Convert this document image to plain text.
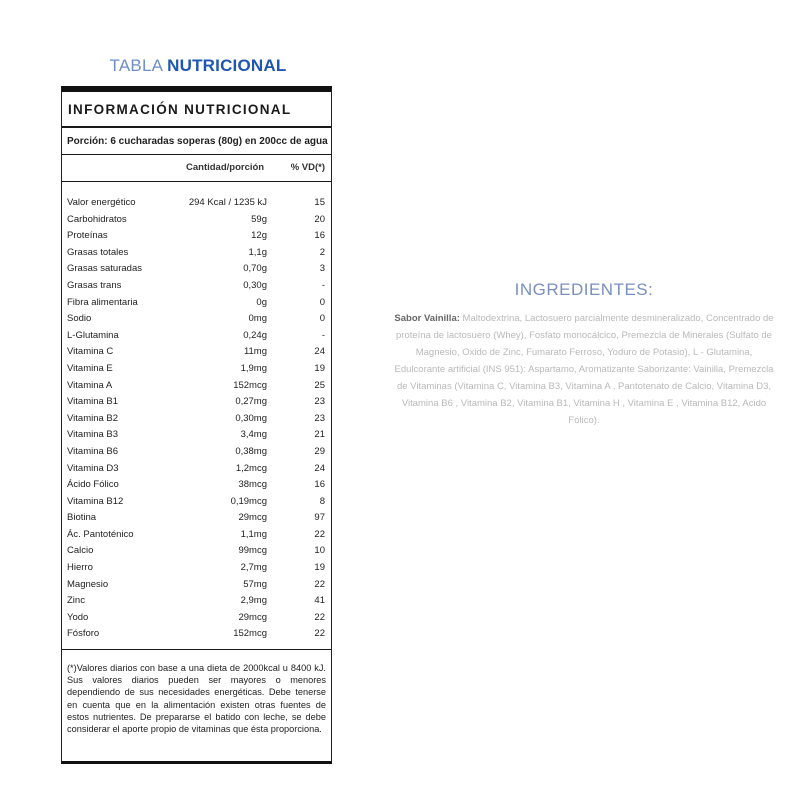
TABLA NUTRICIONAL
INFORMACIÓN NUTRICIONAL
Porción: 6 cucharadas soperas (80g) en 200cc de agua
Cantidad/porción	% VD(*)
Valor energético	294 Kcal / 1235 kJ	15
Carbohidratos	59g	20
Proteínas	12g	16
Grasas totales	1,1g	2
Grasas saturadas	0,70g	3
Grasas trans	0,30g	-
Fibra alimentaria	0g	0
Sodio	0mg	0
L-Glutamina	0,24g	-
Vitamina C	11mg	24
Vitamina E	1,9mg	19
Vitamina A	152mcg	25
Vitamina B1	0,27mg	23
Vitamina B2	0,30mg	23
Vitamina B3	3,4mg	21
Vitamina B6	0,38mg	29
Vitamina D3	1,2mcg	24
Ácido Fólico	38mcg	16
Vitamina B12	0,19mcg	8
Biotina	29mcg	97
Ác. Pantoténico	1,1mg	22
Calcio	99mcg	10
Hierro	2,7mg	19
Magnesio	57mg	22
Zinc	2,9mg	41
Yodo	29mcg	22
Fósforo	152mcg	22
(*)Valores diarios con base a una dieta de 2000kcal u 8400 kJ. Sus valores diarios pueden ser mayores o menores dependiendo de sus necesidades energéticas. Debe tenerse en cuenta que en la alimentación existen otras fuentes de estos nutrientes. De prepararse el batido con leche, se debe considerar el aporte propio de vitaminas que ésta proporciona.
INGREDIENTES:
Sabor Vainilla: Maltodextrina, Lactosuero parcialmente desmineralizado, Concentrado de proteína de lactosuero (Whey), Fosfato monocálcico, Premezcla de Minerales (Sulfato de Magnesio, Oxido de Zinc, Fumarato Ferroso, Yoduro de Potasio), L - Glutamina, Edulcorante artificial (INS 951): Aspartamo, Aromatizante Saborizante: Vainilla, Premezcla de Vitaminas (Vitamina C, Vitamina B3, Vitamina A , Pantotenato de Calcio, Vitamina D3, Vitamina B6 , Vitamina B2, Vitamina B1, Vitamina H , Vitamina E , Vitamina B12, Acido Fólico).
